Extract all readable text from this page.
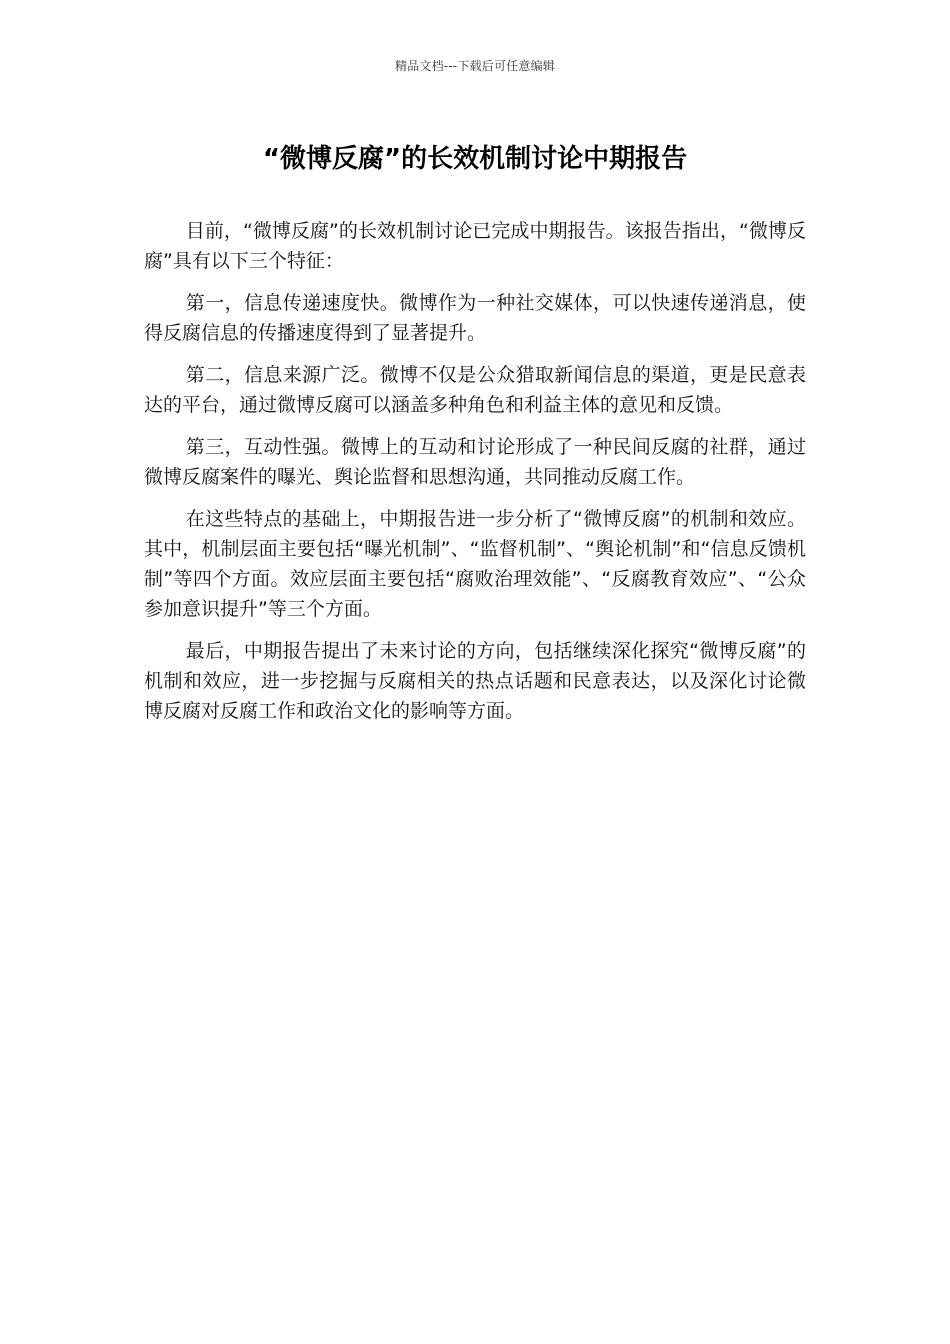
精品文档---下载后可任意编辑
“微博反腐”的长效机制讨论中期报告

目前，“微博反腐”的长效机制讨论已完成中期报告。该报告指出，“微博反腐”具有以下三个特征：

第一，信息传递速度快。微博作为一种社交媒体，可以快速传递消息，使得反腐信息的传播速度得到了显著提升。

第二，信息来源广泛。微博不仅是公众猎取新闻信息的渠道，更是民意表达的平台，通过微博反腐可以涵盖多种角色和利益主体的意见和反馈。

第三，互动性强。微博上的互动和讨论形成了一种民间反腐的社群，通过微博反腐案件的曝光、舆论监督和思想沟通，共同推动反腐工作。

在这些特点的基础上，中期报告进一步分析了“微博反腐”的机制和效应。其中，机制层面主要包括“曝光机制”、“监督机制”、“舆论机制”和“信息反馈机制”等四个方面。效应层面主要包括“腐败治理效能”、“反腐教育效应”、“公众参加意识提升”等三个方面。

最后，中期报告提出了未来讨论的方向，包括继续深化探究“微博反腐”的机制和效应，进一步挖掘与反腐相关的热点话题和民意表达，以及深化讨论微博反腐对反腐工作和政治文化的影响等方面。
